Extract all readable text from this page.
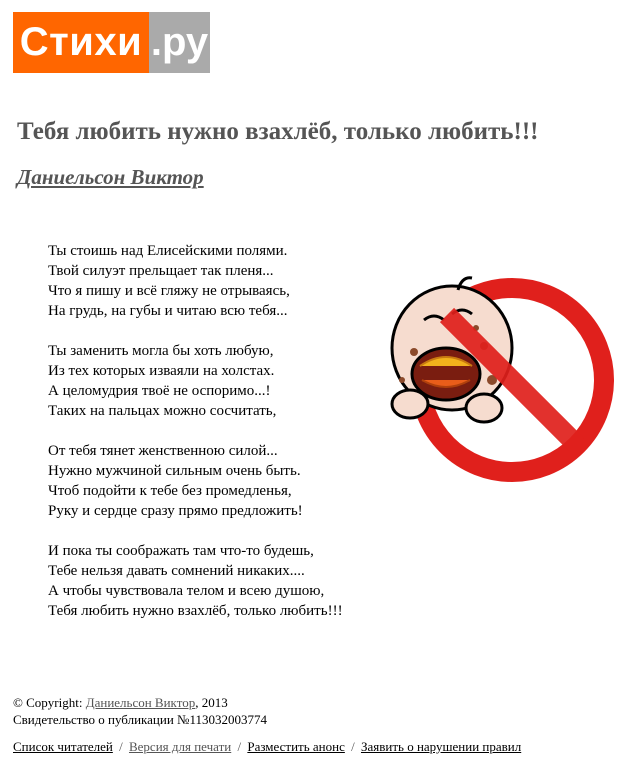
Стихи .ру
Тебя любить нужно взахлёб, только любить!!!
Даниельсон Виктор
Ты стоишь над Елисейскими полями.
Твой силуэт прельщает так пленя...
Что я пишу и всё гляжу не отрываясь,
На грудь, на губы и читаю всю тебя...
Ты заменить могла бы хоть любую,
Из тех которых изваяли на холстах.
А целомудрия твоё не оспоримо...!
Таких на пальцах можно сосчитать,
От тебя тянет женственною силой...
Нужно мужчиной сильным очень быть.
Чтоб подойти к тебе без промедленья,
Руку и сердце сразу прямо предложить!
И пока ты соображать там что-то будешь,
Тебе нельзя давать сомнений никаких....
А чтобы чувствовала телом и всею душою,
Тебя любить нужно взахлёб, только любить!!!
© Copyright: Даниельсон Виктор, 2013
Свидетельство о публикации №113032003774
Список читателей / Версия для печати / Разместить анонс / Заявить о нарушении правил
